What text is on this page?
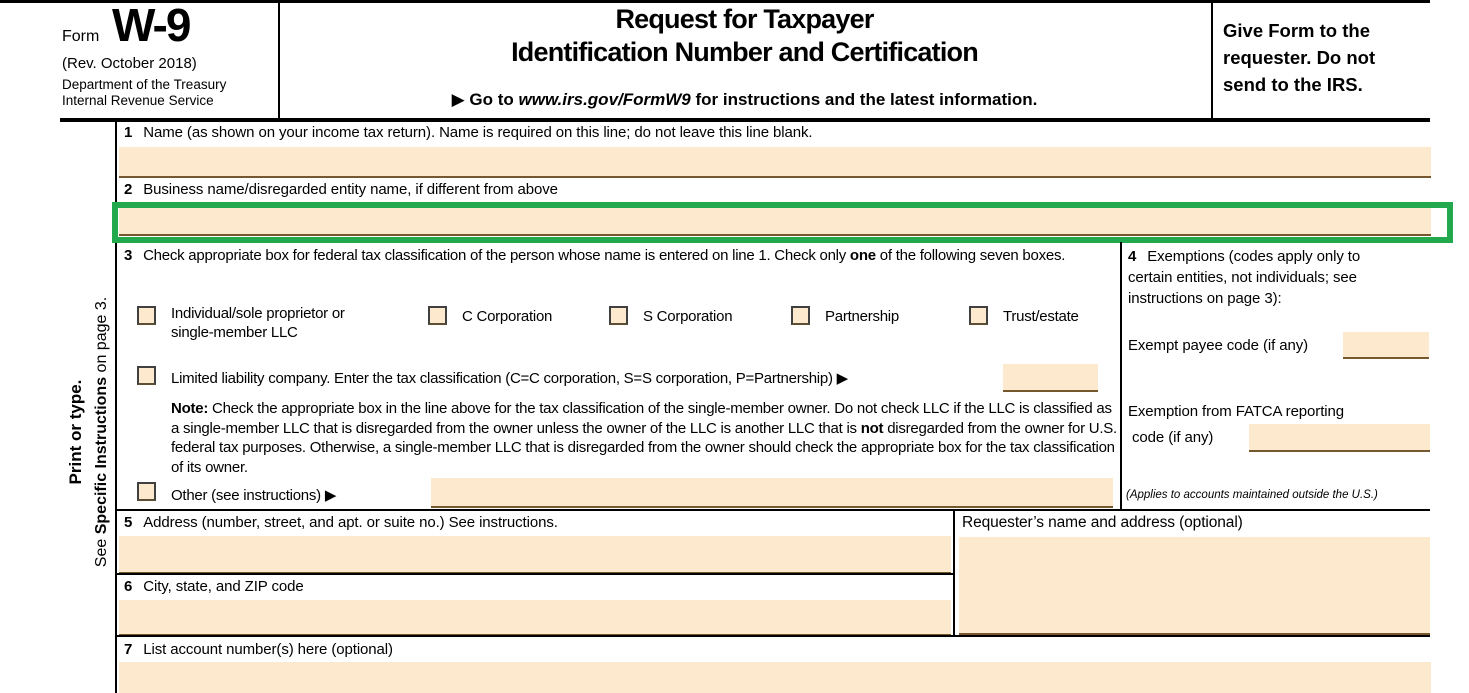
Form W-9
(Rev. October 2018)
Department of the Treasury
Internal Revenue Service
Request for Taxpayer
Identification Number and Certification
▶ Go to www.irs.gov/FormW9 for instructions and the latest information.
Give Form to the requester. Do not send to the IRS.
Print or type.
See Specific Instructions on page 3.
1 Name (as shown on your income tax return). Name is required on this line; do not leave this line blank.
2 Business name/disregarded entity name, if different from above
3 Check appropriate box for federal tax classification of the person whose name is entered on line 1. Check only one of the following seven boxes.
Individual/sole proprietor or single-member LLC
C Corporation	S Corporation	Partnership	Trust/estate
Limited liability company. Enter the tax classification (C=C corporation, S=S corporation, P=Partnership) ▶
Note: Check the appropriate box in the line above for the tax classification of the single-member owner. Do not check LLC if the LLC is classified as a single-member LLC that is disregarded from the owner unless the owner of the LLC is another LLC that is not disregarded from the owner for U.S. federal tax purposes. Otherwise, a single-member LLC that is disregarded from the owner should check the appropriate box for the tax classification of its owner.
Other (see instructions) ▶
4 Exemptions (codes apply only to certain entities, not individuals; see instructions on page 3):
Exempt payee code (if any)
Exemption from FATCA reporting
code (if any)
(Applies to accounts maintained outside the U.S.)
5 Address (number, street, and apt. or suite no.) See instructions.	Requester’s name and address (optional)
6 City, state, and ZIP code
7 List account number(s) here (optional)
